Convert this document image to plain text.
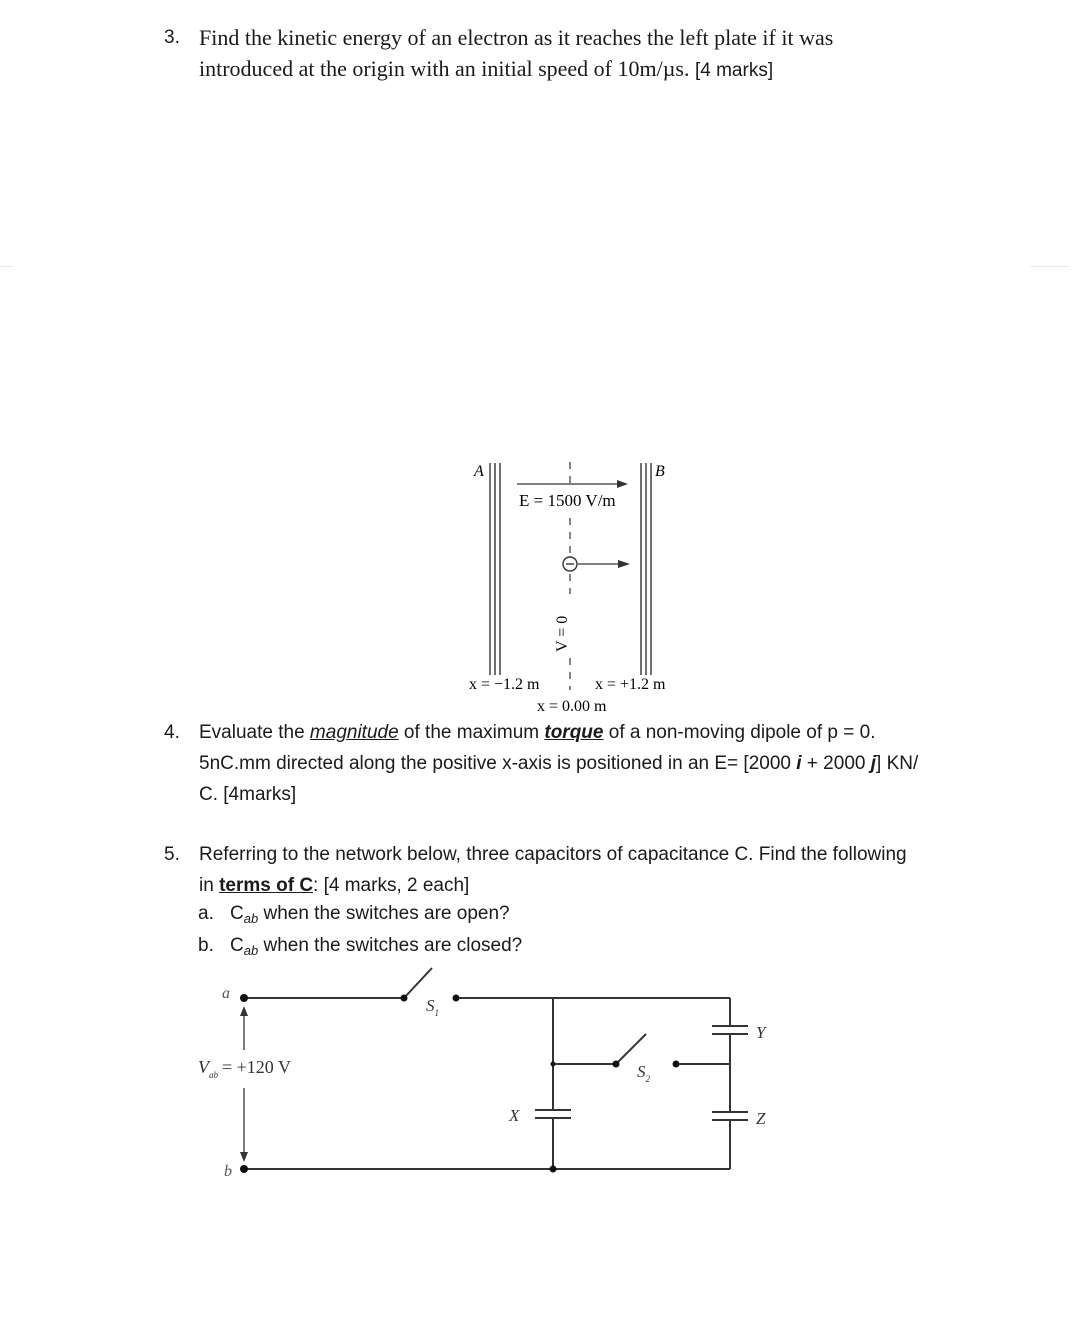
3. Find the kinetic energy of an electron as it reaches the left plate if it was
introduced at the origin with an initial speed of 10m/µs. [4 marks]
A	B
E = 1500 V/m
V = 0
x = −1.2 m	x = +1.2 m
x = 0.00 m
4. Evaluate the magnitude of the maximum torque of a non-moving dipole of p = 0.
5nC.mm directed along the positive x-axis is positioned in an E= [2000 i + 2000 j] KN/
C. [4marks]
5. Referring to the network below, three capacitors of capacitance C. Find the following
in terms of C: [4 marks, 2 each]
a. $C_{ab}$ when the switches are open?
b. $C_{ab}$ when the switches are closed?
a
b
$V_{ab} = +120$ V
$S_1$
$S_2$
X
Y
Z
